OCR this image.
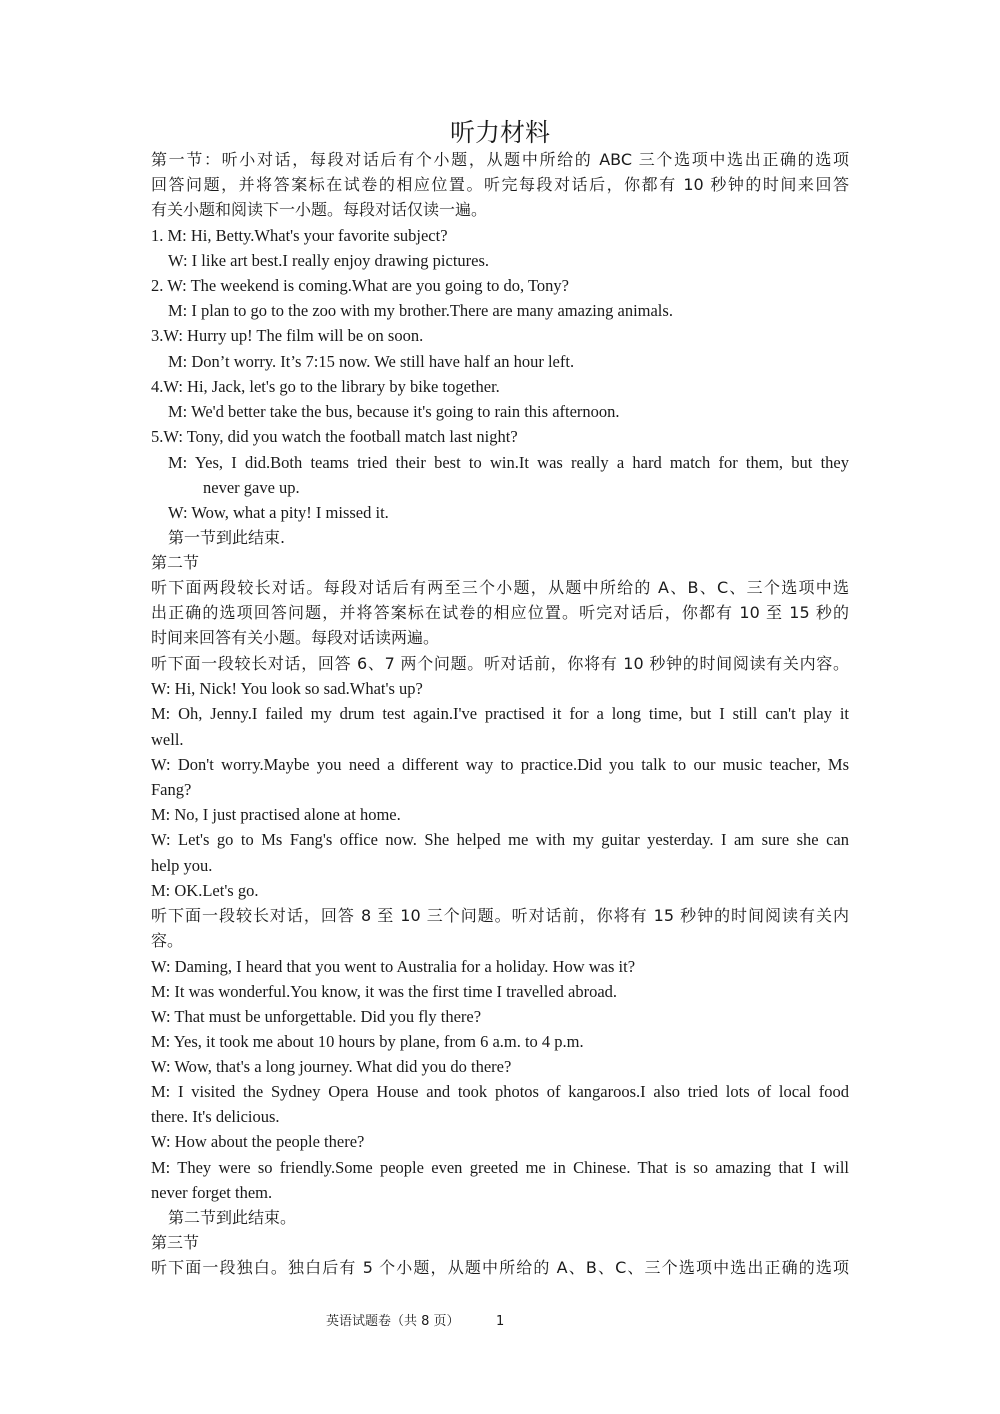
听力材料
第一节：听小对话，每段对话后有个小题，从题中所给的 ABC 三个选项中选出正确的选项
回答问题，并将答案标在试卷的相应位置。听完每段对话后，你都有 10 秒钟的时间来回答
有关小题和阅读下一小题。每段对话仅读一遍。
1. M: Hi, Betty.What's your favorite subject?
W: I like art best.I really enjoy drawing pictures.
2. W: The weekend is coming.What are you going to do, Tony?
M: I plan to go to the zoo with my brother.There are many amazing animals.
3.W: Hurry up! The film will be on soon.
M: Don’t worry. It’s 7:15 now. We still have half an hour left.
4.W: Hi, Jack, let's go to the library by bike together.
M: We'd better take the bus, because it's going to rain this afternoon.
5.W: Tony, did you watch the football match last night?
M: Yes, I did.Both teams tried their best to win.It was really a hard match for them, but they
never gave up.
W: Wow, what a pity! I missed it.
第一节到此结束.
第二节
听下面两段较长对话。每段对话后有两至三个小题，从题中所给的 A、B、C、三个选项中选
出正确的选项回答问题，并将答案标在试卷的相应位置。听完对话后，你都有 10 至 15 秒的
时间来回答有关小题。每段对话读两遍。
听下面一段较长对话，回答 6、7 两个问题。听对话前，你将有 10 秒钟的时间阅读有关内容。
W: Hi, Nick! You look so sad.What's up?
M: Oh, Jenny.I failed my drum test again.I've practised it for a long time, but I still can't play it
well.
W: Don't worry.Maybe you need a different way to practice.Did you talk to our music teacher, Ms
Fang?
M: No, I just practised alone at home.
W: Let's go to Ms Fang's office now. She helped me with my guitar yesterday. I am sure she can
help you.
M: OK.Let's go.
听下面一段较长对话，回答 8 至 10 三个问题。听对话前，你将有 15 秒钟的时间阅读有关内
容。
W: Daming, I heard that you went to Australia for a holiday. How was it?
M: It was wonderful.You know, it was the first time I travelled abroad.
W: That must be unforgettable. Did you fly there?
M: Yes, it took me about 10 hours by plane, from 6 a.m. to 4 p.m.
W: Wow, that's a long journey. What did you do there?
M: I visited the Sydney Opera House and took photos of kangaroos.I also tried lots of local food
there. It's delicious.
W: How about the people there?
M: They were so friendly.Some people even greeted me in Chinese. That is so amazing that I will
never forget them.
第二节到此结束。
第三节
听下面一段独白。独白后有 5 个小题，从题中所给的 A、B、C、三个选项中选出正确的选项
英语试题卷（共 8 页）	1
